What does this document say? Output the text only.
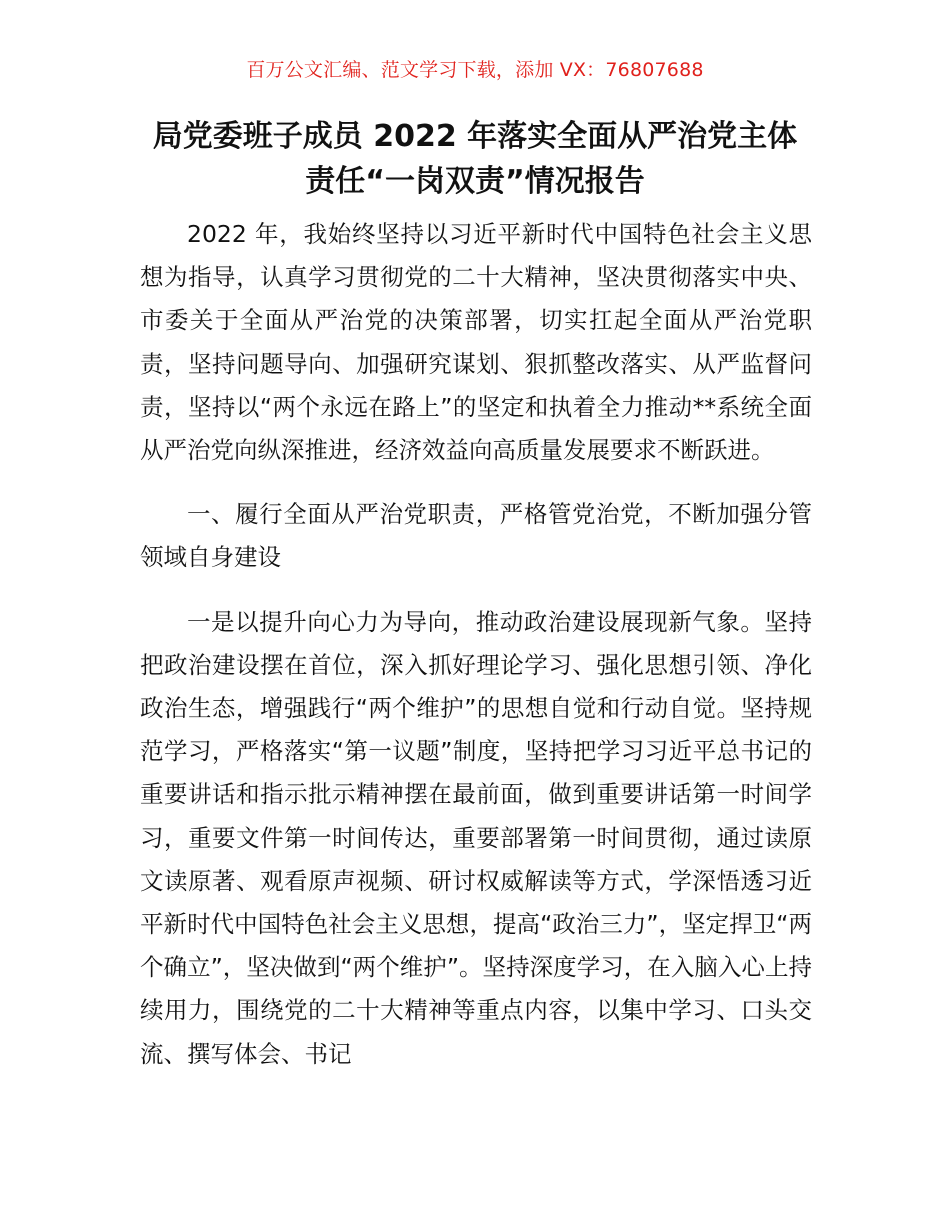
百万公文汇编、范文学习下载，添加 VX：76807688
局党委班子成员 2022 年落实全面从严治党主体
责任“一岗双责”情况报告

2022 年，我始终坚持以习近平新时代中国特色社会主义思想为指导，认真学习贯彻党的二十大精神，坚决贯彻落实中央、市委关于全面从严治党的决策部署，切实扛起全面从严治党职责，坚持问题导向、加强研究谋划、狠抓整改落实、从严监督问责，坚持以“两个永远在路上”的坚定和执着全力推动**系统全面从严治党向纵深推进，经济效益向高质量发展要求不断跃进。

一、履行全面从严治党职责，严格管党治党，不断加强分管领域自身建设

一是以提升向心力为导向，推动政治建设展现新气象。坚持把政治建设摆在首位，深入抓好理论学习、强化思想引领、净化政治生态，增强践行“两个维护”的思想自觉和行动自觉。坚持规范学习，严格落实“第一议题”制度，坚持把学习习近平总书记的重要讲话和指示批示精神摆在最前面，做到重要讲话第一时间学习，重要文件第一时间传达，重要部署第一时间贯彻，通过读原文读原著、观看原声视频、研讨权威解读等方式，学深悟透习近平新时代中国特色社会主义思想，提高“政治三力”，坚定捍卫“两个确立”，坚决做到“两个维护”。坚持深度学习，在入脑入心上持续用力，围绕党的二十大精神等重点内容，以集中学习、口头交流、撰写体会、书记
